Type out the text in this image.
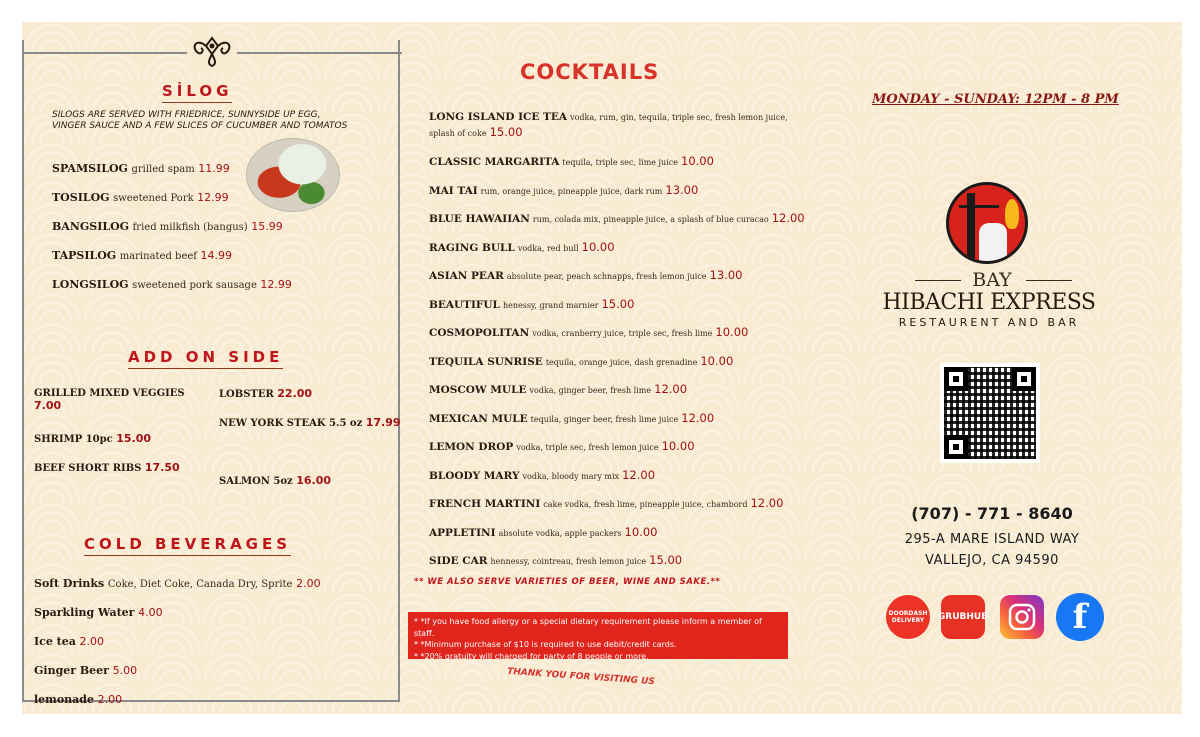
SİLOG
SILOGS ARE SERVED WITH FRIEDRICE, SUNNYSIDE UP EGG, VINGER SAUCE AND A FEW SLICES OF CUCUMBER AND TOMATOS
SPAMSILOG grilled spam 11.99
TOSILOG sweetened Pork 12.99
BANGSILOG fried milkfish (bangus) 15.99
TAPSILOG marinated beef 14.99
LONGSILOG sweetened pork sausage 12.99
ADD ON SIDE
GRILLED MIXED VEGGIES
7.00
SHRIMP 10pc 15.00
BEEF SHORT RIBS 17.50
LOBSTER 22.00
NEW YORK STEAK 5.5 oz 17.99
SALMON 5oz 16.00
COLD BEVERAGES
Soft Drinks Coke, Diet Coke, Canada Dry, Sprite 2.00
Sparkling Water 4.00
Ice tea 2.00
Ginger Beer 5.00
lemonade 2.00
COCKTAILS
LONG ISLAND ICE TEA vodka, rum, gin, tequila, triple sec, fresh lemon juice,
splash of coke 15.00
CLASSIC MARGARITA tequila, triple sec, lime juice 10.00
MAI TAI rum, orange juice, pineapple juice, dark rum 13.00
BLUE HAWAIIAN rum, colada mix, pineapple juice, a splash of blue curacao 12.00
RAGING BULL vodka, red bull 10.00
ASIAN PEAR absolute pear, peach schnapps, fresh lemon juice 13.00
BEAUTIFUL henessy, grand marnier 15.00
COSMOPOLITAN vodka, cranberry juice, triple sec, fresh lime 10.00
TEQUILA SUNRISE tequila, orange juice, dash grenadine 10.00
MOSCOW MULE vodka, ginger beer, fresh lime 12.00
MEXICAN MULE tequila, ginger beer, fresh lime juice 12.00
LEMON DROP vodka, triple sec, fresh lemon juice 10.00
BLOODY MARY vodka, bloody mary mix 12.00
FRENCH MARTINI cake vodka, fresh lime, pineapple juice, chambord 12.00
APPLETINI absolute vodka, apple packers 10.00
SIDE CAR hennessy, cointreau, fresh lemon juice 15.00
** WE ALSO SERVE VARIETIES OF BEER, WINE AND SAKE.**
* *If you have food allergy or a special dietary requirement please inform a member of staff.
* *Minimum purchase of $10 is required to use debit/credit cards.
* *20% gratuity will charged for party of 8 people or more.
THANK YOU FOR VISITING US
MONDAY - SUNDAY: 12PM - 8 PM
BAY
HIBACHI EXPRESS
RESTAURENT AND BAR
(707) - 771 - 8640
295-A MARE ISLAND WAY
VALLEJO, CA 94590
DOORDASH
DELIVERY GRUBHUB f
